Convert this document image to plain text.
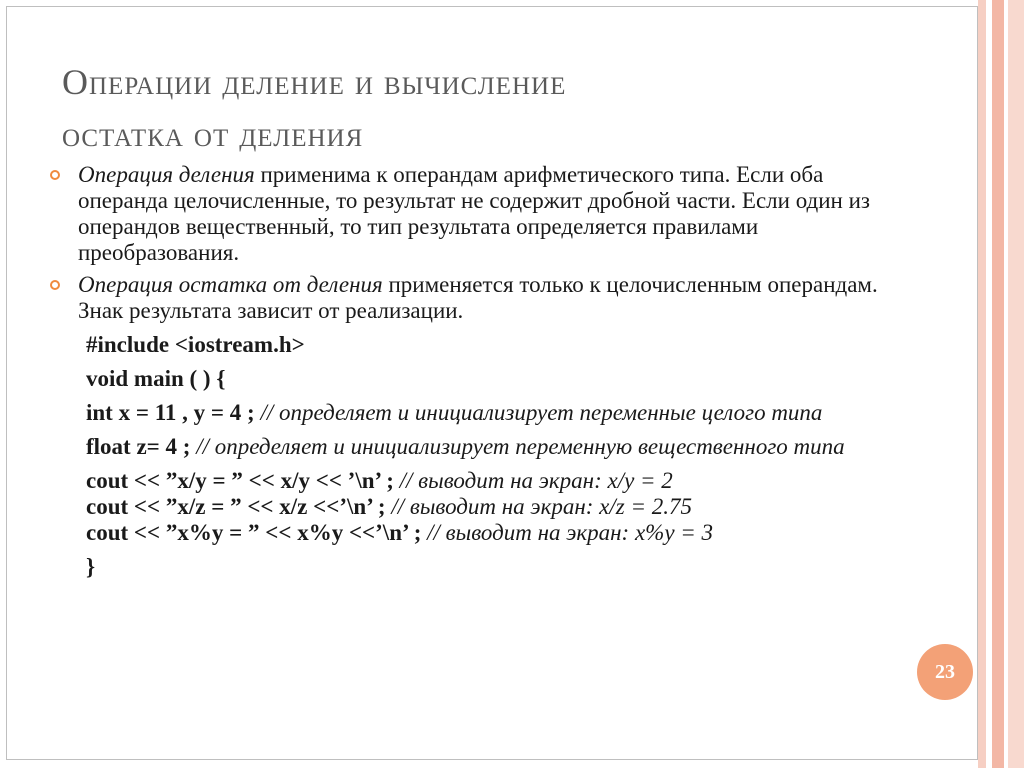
Операции деление и вычисление
остатка от деления

Операция деления применима к операндам арифметического типа. Если оба операнда целочисленные, то результат не содержит дробной части. Если один из операндов вещественный, то тип результата определяется правилами преобразования.

Операция остатка от деления применяется только к целочисленным операндам. Знак результата зависит от реализации.

#include <iostream.h>
void main ( ) {
int x = 11 , y = 4 ; // определяет и инициализирует переменные целого типа
float z= 4 ; // определяет и инициализирует переменную вещественного типа
cout << ”x/y = ” << x/y << ’\n’ ; // выводит на экран: x/y = 2
cout << ”x/z = ” << x/z <<’\n’ ; // выводит на экран: x/z = 2.75
cout << ”x%y = ” << x%y <<’\n’ ; // выводит на экран: x%y = 3
}
23
